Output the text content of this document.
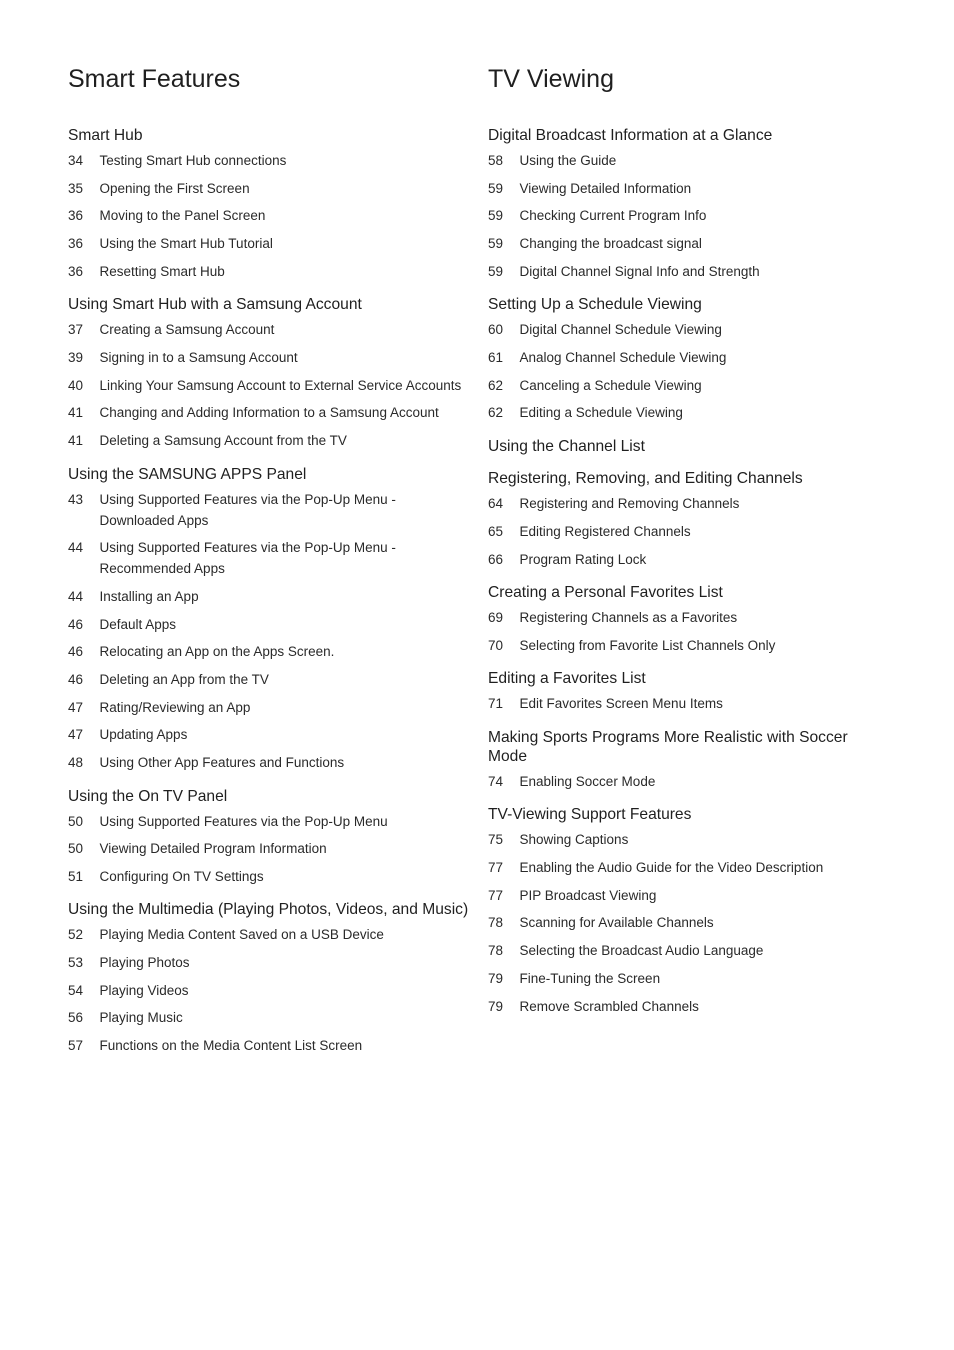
Smart Features
Smart Hub
34	Testing Smart Hub connections
35	Opening the First Screen
36	Moving to the Panel Screen
36	Using the Smart Hub Tutorial
36	Resetting Smart Hub
Using Smart Hub with a Samsung Account
37	Creating a Samsung Account
39	Signing in to a Samsung Account
40	Linking Your Samsung Account to External Service Accounts
41	Changing and Adding Information to a Samsung Account
41	Deleting a Samsung Account from the TV
Using the SAMSUNG APPS Panel
43	Using Supported Features via the Pop-Up Menu - Downloaded Apps
44	Using Supported Features via the Pop-Up Menu - Recommended Apps
44	Installing an App
46	Default Apps
46	Relocating an App on the Apps Screen.
46	Deleting an App from the TV
47	Rating/Reviewing an App
47	Updating Apps
48	Using Other App Features and Functions
Using the On TV Panel
50	Using Supported Features via the Pop-Up Menu
50	Viewing Detailed Program Information
51	Configuring On TV Settings
Using the Multimedia (Playing Photos, Videos, and Music)
52	Playing Media Content Saved on a USB Device
53	Playing Photos
54	Playing Videos
56	Playing Music
57	Functions on the Media Content List Screen
TV Viewing
Digital Broadcast Information at a Glance
58	Using the Guide
59	Viewing Detailed Information
59	Checking Current Program Info
59	Changing the broadcast signal
59	Digital Channel Signal Info and Strength
Setting Up a Schedule Viewing
60	Digital Channel Schedule Viewing
61	Analog Channel Schedule Viewing
62	Canceling a Schedule Viewing
62	Editing a Schedule Viewing
Using the Channel List
Registering, Removing, and Editing Channels
64	Registering and Removing Channels
65	Editing Registered Channels
66	Program Rating Lock
Creating a Personal Favorites List
69	Registering Channels as a Favorites
70	Selecting from Favorite List Channels Only
Editing a Favorites List
71	Edit Favorites Screen Menu Items
Making Sports Programs More Realistic with Soccer Mode
74	Enabling Soccer Mode
TV-Viewing Support Features
75	Showing Captions
77	Enabling the Audio Guide for the Video Description
77	PIP Broadcast Viewing
78	Scanning for Available Channels
78	Selecting the Broadcast Audio Language
79	Fine-Tuning the Screen
79	Remove Scrambled Channels
